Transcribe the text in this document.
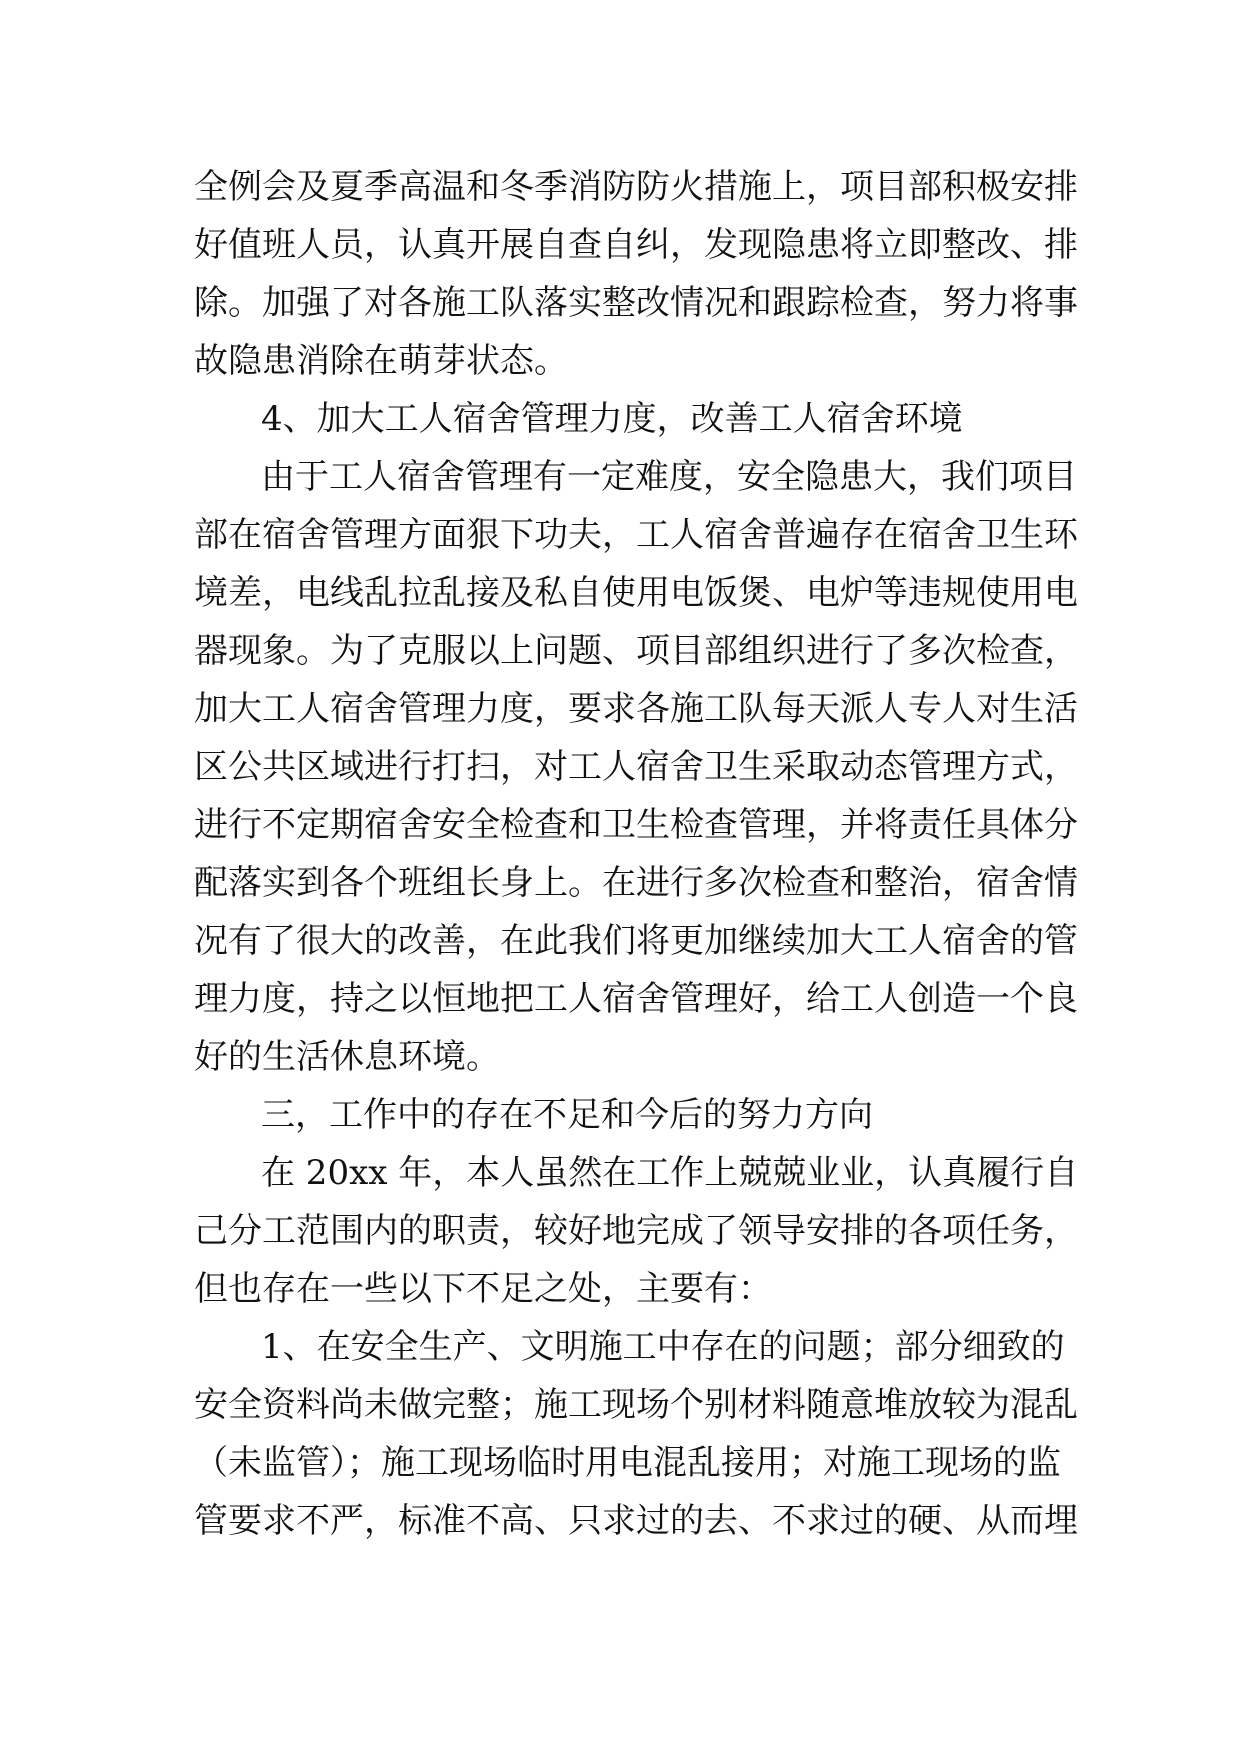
全例会及夏季高温和冬季消防防火措施上，项目部积极安排
好值班人员，认真开展自查自纠，发现隐患将立即整改、排
除。加强了对各施工队落实整改情况和跟踪检查，努力将事
故隐患消除在萌芽状态。
4、加大工人宿舍管理力度，改善工人宿舍环境
由于工人宿舍管理有一定难度，安全隐患大，我们项目
部在宿舍管理方面狠下功夫，工人宿舍普遍存在宿舍卫生环
境差，电线乱拉乱接及私自使用电饭煲、电炉等违规使用电
器现象。为了克服以上问题、项目部组织进行了多次检查，
加大工人宿舍管理力度，要求各施工队每天派人专人对生活
区公共区域进行打扫，对工人宿舍卫生采取动态管理方式，
进行不定期宿舍安全检查和卫生检查管理，并将责任具体分
配落实到各个班组长身上。在进行多次检查和整治，宿舍情
况有了很大的改善，在此我们将更加继续加大工人宿舍的管
理力度，持之以恒地把工人宿舍管理好，给工人创造一个良
好的生活休息环境。
三，工作中的存在不足和今后的努力方向
在 20xx 年，本人虽然在工作上兢兢业业，认真履行自
己分工范围内的职责，较好地完成了领导安排的各项任务，
但也存在一些以下不足之处，主要有：
1、在安全生产、文明施工中存在的问题；部分细致的
安全资料尚未做完整；施工现场个别材料随意堆放较为混乱
（未监管）；施工现场临时用电混乱接用；对施工现场的监
管要求不严，标准不高、只求过的去、不求过的硬、从而埋
